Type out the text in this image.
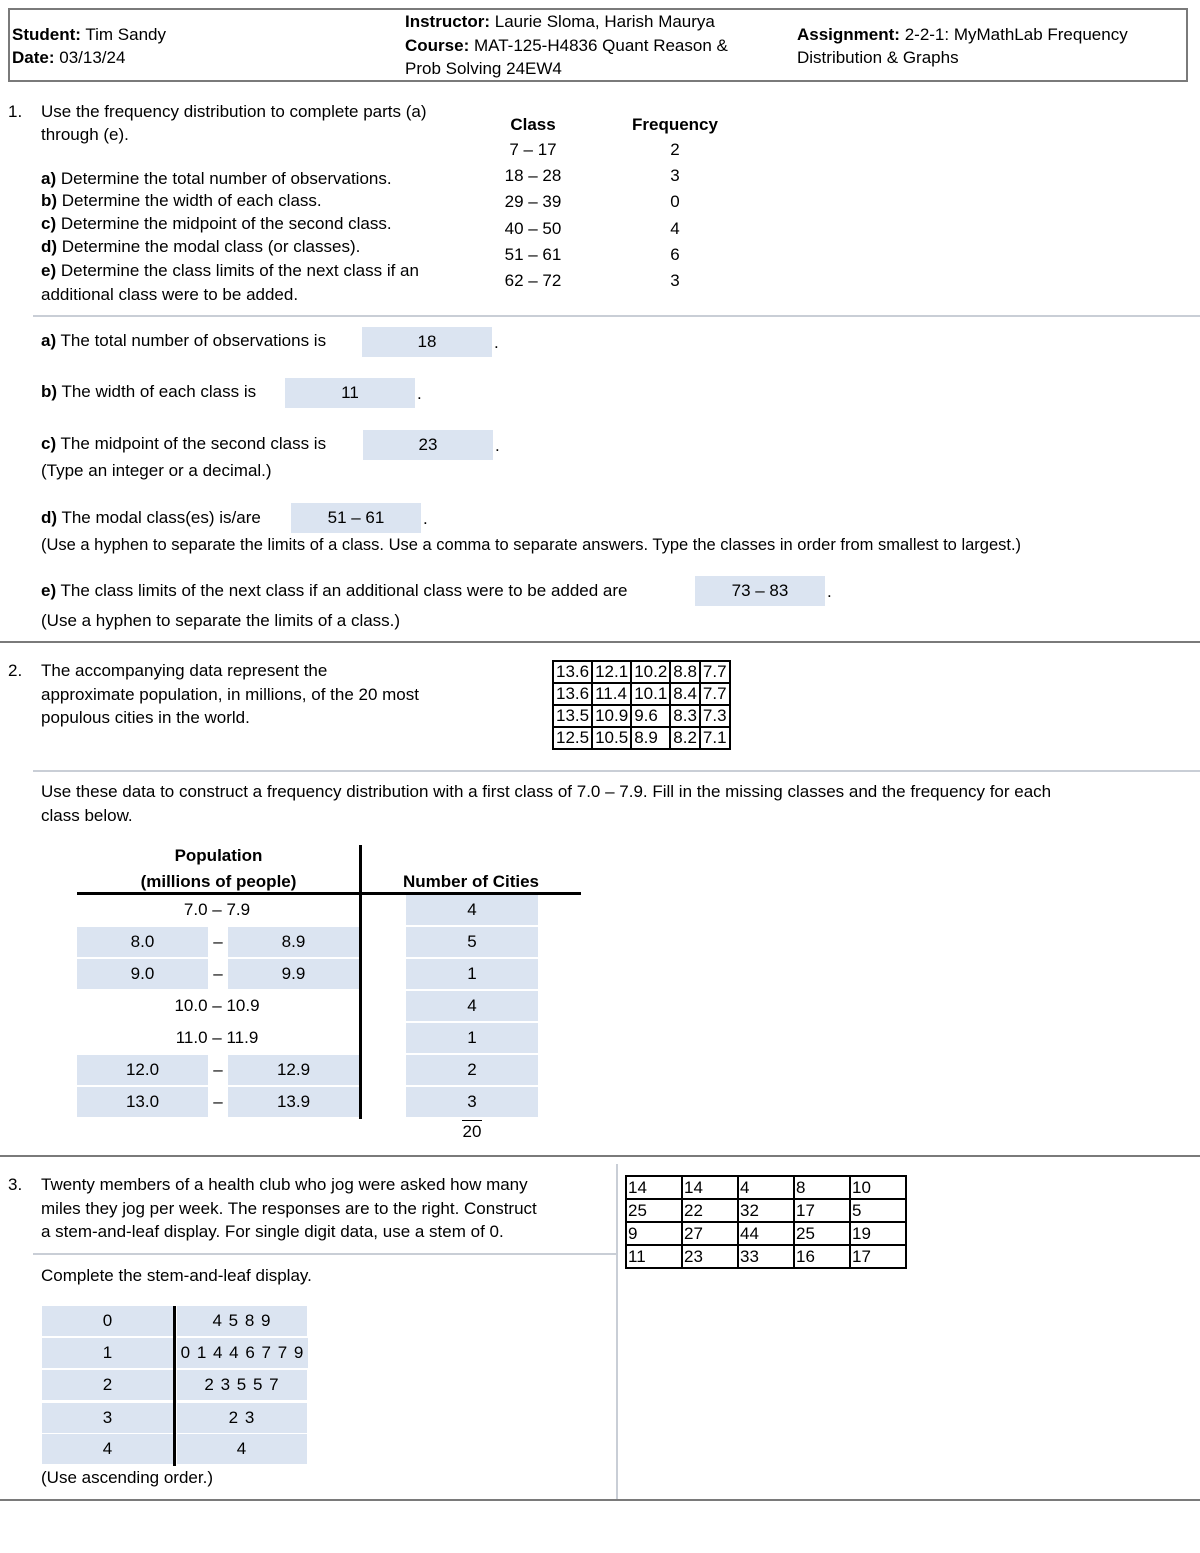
Student: Tim Sandy
Date: 03/13/24
Instructor: Laurie Sloma, Harish Maurya
Course: MAT-125-H4836 Quant Reason &
Prob Solving 24EW4
Assignment: 2-2-1: MyMathLab Frequency
Distribution & Graphs
1. Use the frequency distribution to complete parts (a)
through (e).
a) Determine the total number of observations.
b) Determine the width of each class.
c) Determine the midpoint of the second class.
d) Determine the modal class (or classes).
e) Determine the class limits of the next class if an
additional class were to be added.
Class	Frequency
7 – 17	2
18 – 28	3
29 – 39	0
40 – 50	4
51 – 61	6
62 – 72	3
a) The total number of observations is	18	.
b) The width of each class is	11	.
c) The midpoint of the second class is	23	.
(Type an integer or a decimal.)
d) The modal class(es) is/are	51 – 61	.
(Use a hyphen to separate the limits of a class. Use a comma to separate answers. Type the classes in order from smallest to largest.)
e) The class limits of the next class if an additional class were to be added are	73 – 83	.
(Use a hyphen to separate the limits of a class.)
2. The accompanying data represent the
approximate population, in millions, of the 20 most
populous cities in the world.
13.6	12.1	10.2	8.8	7.7
13.6	11.4	10.1	8.4	7.7
13.5	10.9	9.6	8.3	7.3
12.5	10.5	8.9	8.2	7.1
Use these data to construct a frequency distribution with a first class of 7.0 – 7.9. Fill in the missing classes and the frequency for each
class below.
Population
(millions of people)	Number of Cities
7.0 – 7.9	4
8.0	–	8.9	5
9.0	–	9.9	1
10.0 – 10.9	4
11.0 – 11.9	1
12.0	–	12.9	2
13.0	–	13.9	3
20
3. Twenty members of a health club who jog were asked how many
miles they jog per week. The responses are to the right. Construct
a stem-and-leaf display. For single digit data, use a stem of 0.
Complete the stem-and-leaf display.
0	4 5 8 9
1	0 1 4 4 6 7 7 9
2	2 3 5 5 7
3	2 3
4	4
(Use ascending order.)
14	14	4	8	10
25	22	32	17	5
9	27	44	25	19
11	23	33	16	17
